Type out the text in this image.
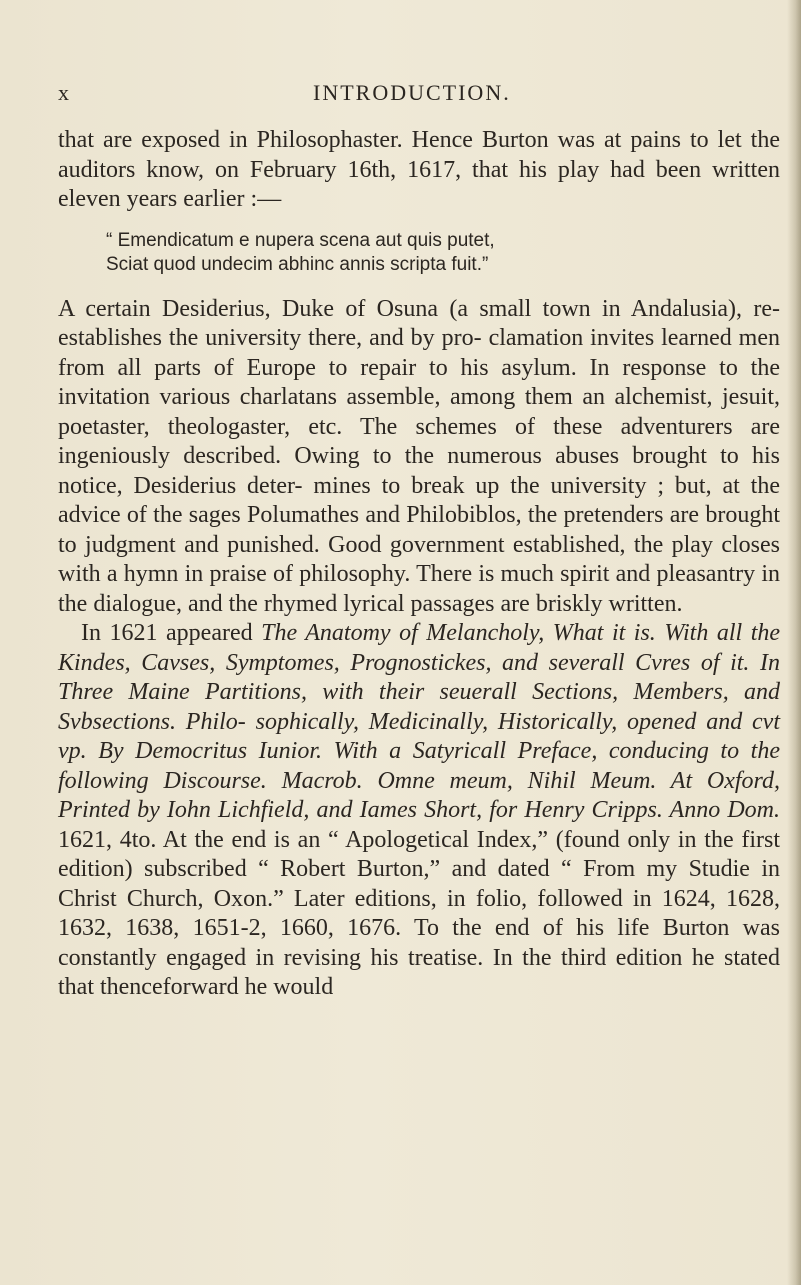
x	INTRODUCTION.

that are exposed in Philosophaster. Hence Burton was at pains to let the auditors know, on February 16th, 1617, that his play had been written eleven years earlier :—

“ Emendicatum e nupera scena aut quis putet,
Sciat quod undecim abhinc annis scripta fuit.”

A certain Desiderius, Duke of Osuna (a small town in Andalusia), re-establishes the university there, and by pro- clamation invites learned men from all parts of Europe to repair to his asylum. In response to the invitation various charlatans assemble, among them an alchemist, jesuit, poetaster, theologaster, etc. The schemes of these adventurers are ingeniously described. Owing to the numerous abuses brought to his notice, Desiderius deter- mines to break up the university ; but, at the advice of the sages Polumathes and Philobiblos, the pretenders are brought to judgment and punished. Good government established, the play closes with a hymn in praise of philosophy. There is much spirit and pleasantry in the dialogue, and the rhymed lyrical passages are briskly written.

In 1621 appeared The Anatomy of Melancholy, What it is. With all the Kindes, Cavses, Symptomes, Prognostickes, and severall Cvres of it. In Three Maine Partitions, with their seuerall Sections, Members, and Svbsections. Philo- sophically, Medicinally, Historically, opened and cvt vp. By Democritus Iunior. With a Satyricall Preface, conducing to the following Discourse. Macrob. Omne meum, Nihil Meum. At Oxford, Printed by Iohn Lichfield, and Iames Short, for Henry Cripps. Anno Dom. 1621, 4to. At the end is an “ Apologetical Index,” (found only in the first edition) subscribed “ Robert Burton,” and dated “ From my Studie in Christ Church, Oxon.” Later editions, in folio, followed in 1624, 1628, 1632, 1638, 1651-2, 1660, 1676. To the end of his life Burton was constantly engaged in revising his treatise. In the third edition he stated that thenceforward he would
